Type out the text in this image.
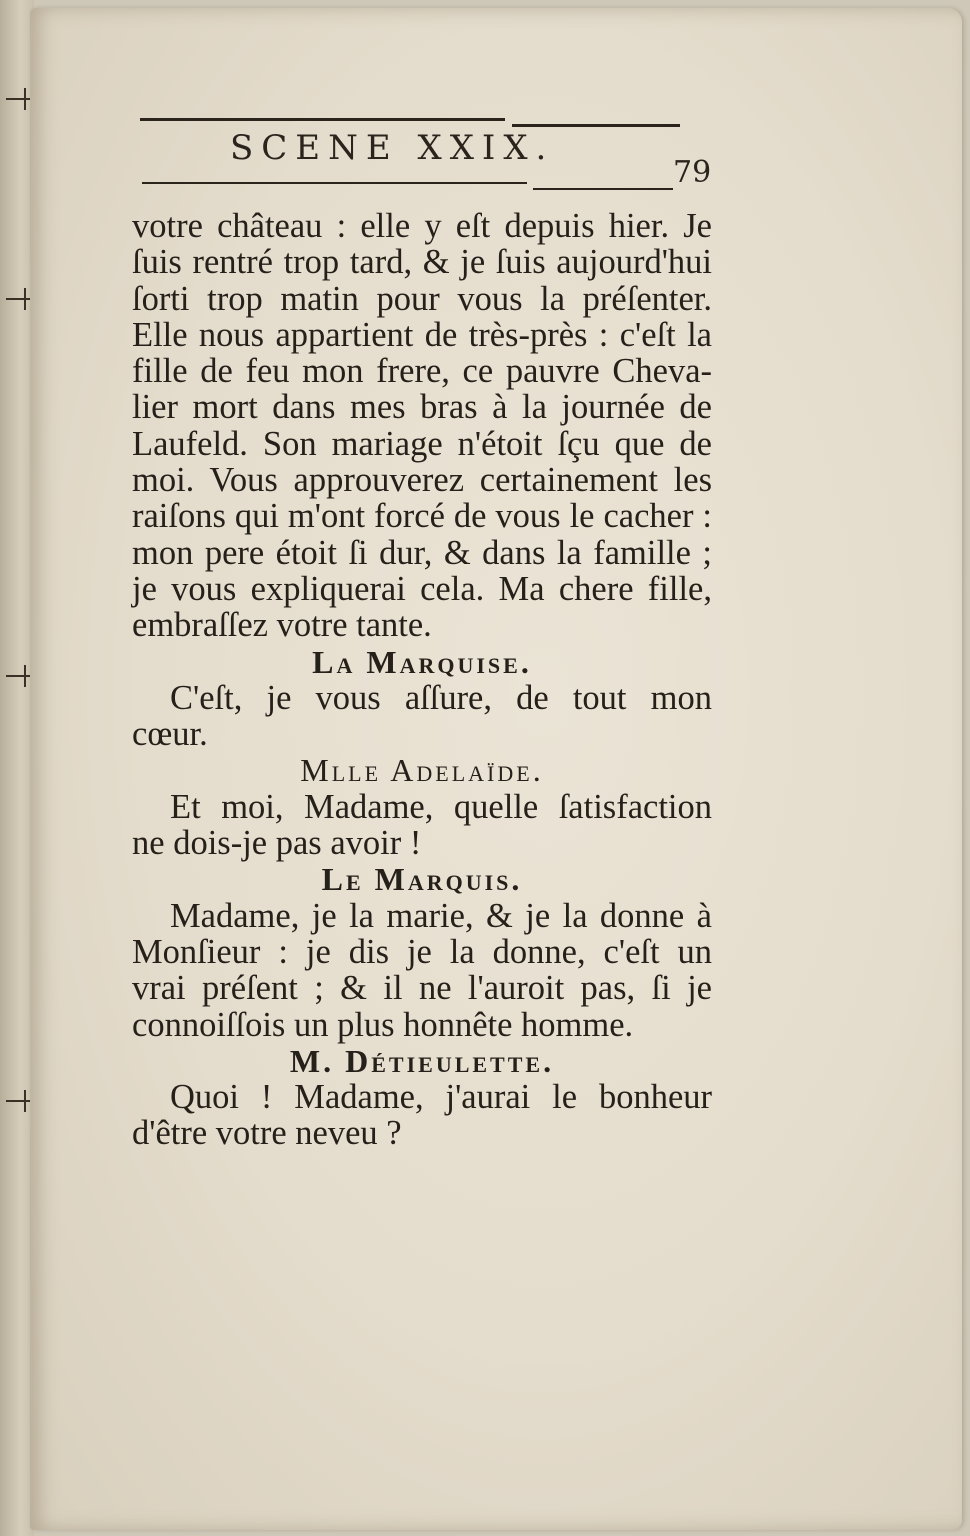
SCENE XXIX.
79
votre château : elle y eſt depuis hier. Je
ſuis rentré trop tard, & je ſuis aujourd'hui
ſorti trop matin pour vous la préſenter.
Elle nous appartient de très-près : c'eſt la
fille de feu mon frere, ce pauvre Cheva-
lier mort dans mes bras à la journée de
Laufeld. Son mariage n'étoit ſçu que de
moi. Vous approuverez certainement les
raiſons qui m'ont forcé de vous le cacher :
mon pere étoit ſi dur, & dans la famille ;
je vous expliquerai cela. Ma chere fille,
embraſſez votre tante.
La Marquise.
C'eſt, je vous aſſure, de tout mon
cœur.
Mlle Adelaïde.
Et moi, Madame, quelle ſatisfaction
ne dois-je pas avoir !
Le Marquis.
Madame, je la marie, & je la donne à
Monſieur : je dis je la donne, c'eſt un
vrai préſent ; & il ne l'auroit pas, ſi je
connoiſſois un plus honnête homme.
M. Détieulette.
Quoi ! Madame, j'aurai le bonheur
d'être votre neveu ?
